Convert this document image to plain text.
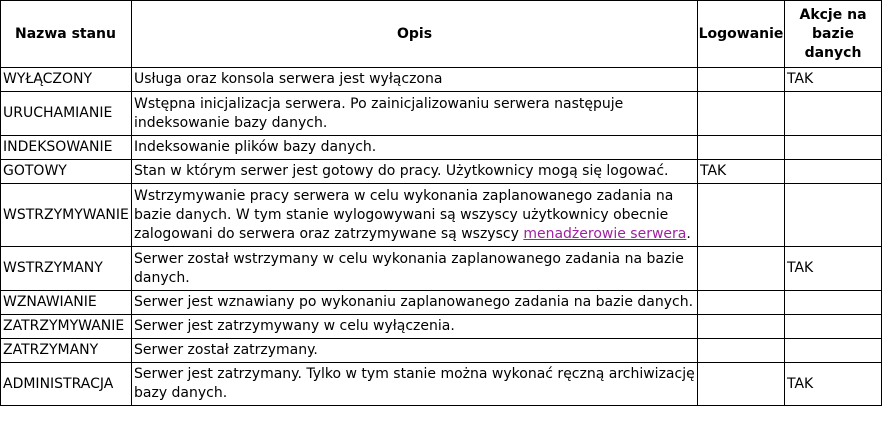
Nazwa stanu	Opis	Logowanie	Akcje na bazie danych
WYŁĄCZONY	Usługa oraz konsola serwera jest wyłączona		TAK
URUCHAMIANIE	Wstępna inicjalizacja serwera. Po zainicjalizowaniu serwera następuje indeksowanie bazy danych.		
INDEKSOWANIE	Indeksowanie plików bazy danych.		
GOTOWY	Stan w którym serwer jest gotowy do pracy. Użytkownicy mogą się logować.	TAK	
WSTRZYMYWANIE	Wstrzymywanie pracy serwera w celu wykonania zaplanowanego zadania na bazie danych. W tym stanie wylogowywani są wszyscy użytkownicy obecnie zalogowani do serwera oraz zatrzymywane są wszyscy menadżerowie serwera.		
WSTRZYMANY	Serwer został wstrzymany w celu wykonania zaplanowanego zadania na bazie danych.		TAK
WZNAWIANIE	Serwer jest wznawiany po wykonaniu zaplanowanego zadania na bazie danych.		
ZATRZYMYWANIE	Serwer jest zatrzymywany w celu wyłączenia.		
ZATRZYMANY	Serwer został zatrzymany.		
ADMINISTRACJA	Serwer jest zatrzymany. Tylko w tym stanie można wykonać ręczną archiwizację bazy danych.		TAK
